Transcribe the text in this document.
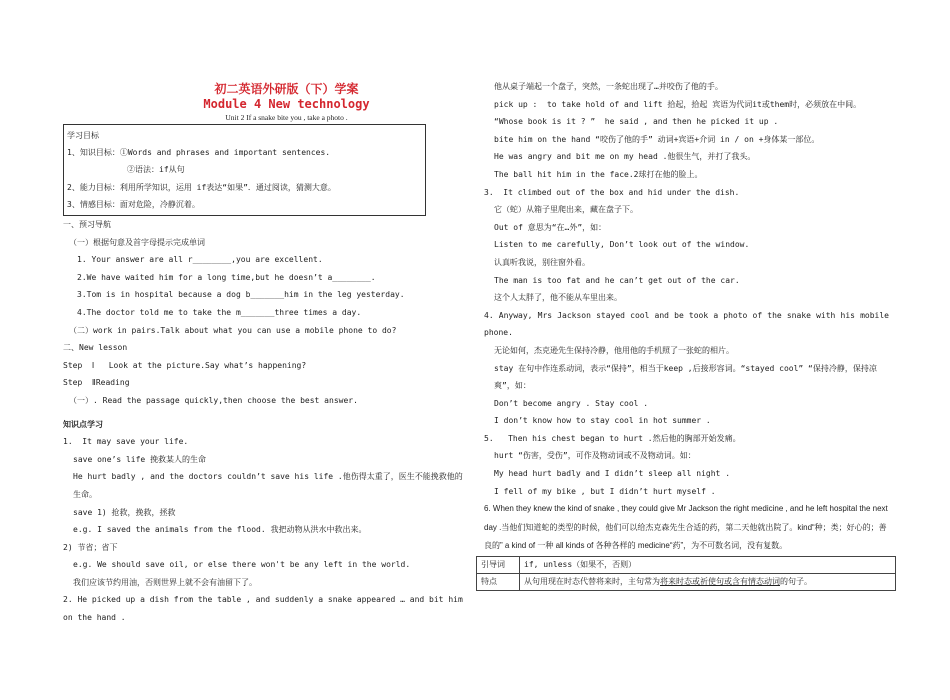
初二英语外研版（下）学案
Module 4 New technology
Unit 2 If a snake bite you , take a photo .
学习目标
1、知识目标：①Words and phrases and important sentences.
②语法：if从句
2、能力目标：利用所学知识，运用 if表达“如果”．通过阅读，猜测大意。
3、情感目标：面对危险，冷静沉着。
一、预习导航
（一）根据句意及首字母提示完成单词
1. Your answer are all r________,you are excellent.
2.We have waited him for a long time,but he doesn’t a________.
3.Tom is in hospital because a dog b_______him in the leg yesterday.
4.The doctor told me to take the m_______three times a day.
（二）work in pairs.Talk about what you can use a mobile phone to do?
二、New lesson
Step  Ⅰ   Look at the picture.Say what’s happening?
Step  ⅡReading
（一）. Read the passage quickly,then choose the best answer.
知识点学习
1.  It may save your life.
save one’s life 挽救某人的生命
He hurt badly , and the doctors couldn’t save his life .他伤得太重了，医生不能挽救他的生命。
save 1) 抢救，挽救，拯救
e.g. I saved the animals from the flood. 我把动物从洪水中救出来。
2) 节省；省下
e.g. We should save oil, or else there won't be any left in the world.
我们应该节约用油，否则世界上就不会有油留下了。
2. He picked up a dish from the table , and suddenly a snake appeared … and bit him on the hand .
他从桌子端起一个盘子，突然，一条蛇出现了…并咬伤了他的手。
pick up :  to take hold of and lift 拾起，拾起 宾语为代词it或them时，必须放在中间。
“Whose book is it ? ”  he said , and then he picked it up .
bite him on the hand “咬伤了他的手” 动词+宾语+介词 in / on +身体某一部位。
He was angry and bit me on my head .他很生气，并打了我头。
The ball hit him in the face.2球打在他的脸上。
3.  It climbed out of the box and hid under the dish.
它（蛇）从箱子里爬出来，藏在盘子下。
Out of 意思为“在…外”，如：
Listen to me carefully, Don’t look out of the window.
认真听我说，别往窗外看。
The man is too fat and he can’t get out of the car.
这个人太胖了，他不能从车里出来。
4. Anyway, Mrs Jackson stayed cool and be took a photo of the snake with his mobile phone.
无论如何，杰克逊先生保持冷静，他用他的手机照了一张蛇的相片。
stay 在句中作连系动词，表示“保持”，相当于keep ,后接形容词。“stayed cool” “保持冷静，保持凉爽”，如：
Don’t become angry . Stay cool .
I don’t know how to stay cool in hot summer .
5.   Then his chest began to hurt .然后他的胸部开始发痛。
hurt “伤害，受伤”，可作及物动词或不及物动词。如：
My head hurt badly and I didn’t sleep all night .
I fell of my bike , but I didn’t hurt myself .
6. When they knew the kind of snake , they could give Mr Jackson the right medicine , and he left hospital the next day .当他们知道蛇的类型的时候，他们可以给杰克森先生合适的药，第二天他就出院了。kind“种；类；好心的；善良的” a kind of 一种 all kinds of 各种各样的 medicine“药”，为不可数名词，没有复数。
引导词	if, unless（如果不，否则）
特点	从句用现在时态代替将来时，主句常为将来时态或祈使句或含有情态动词的句子。
